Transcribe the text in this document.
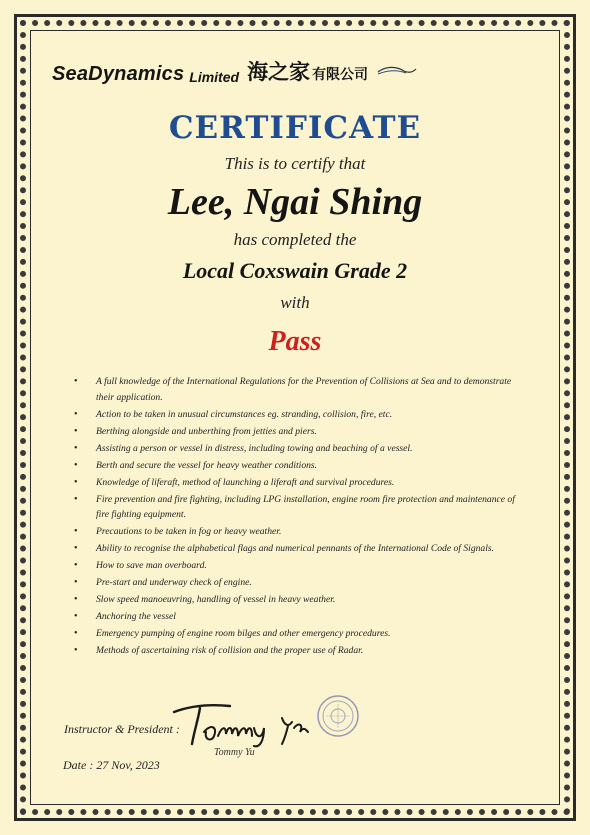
SeaDynamics Limited 海之家 有限公司
CERTIFICATE
This is to certify that
Lee, Ngai Shing
has completed the
Local Coxswain Grade 2
with
Pass
• A full knowledge of the International Regulations for the Prevention of Collisions at Sea and to demonstrate their application.
• Action to be taken in unusual circumstances eg. stranding, collision, fire, etc.
• Berthing alongside and unberthing from jetties and piers.
• Assisting a person or vessel in distress, including towing and beaching of a vessel.
• Berth and secure the vessel for heavy weather conditions.
• Knowledge of liferaft, method of launching a liferaft and survival procedures.
• Fire prevention and fire fighting, including LPG installation, engine room fire protection and maintenance of fire fighting equipment.
• Precautions to be taken in fog or heavy weather.
• Ability to recognise the alphabetical flags and numerical pennants of the International Code of Signals.
• How to save man overboard.
• Pre-start and underway check of engine.
• Slow speed manoeuvring, handling of vessel in heavy weather.
• Anchoring the vessel
• Emergency pumping of engine room bilges and other emergency procedures.
• Methods of ascertaining risk of collision and the proper use of Radar.
Instructor & President :
Tommy Yu
Date : 27 Nov, 2023
